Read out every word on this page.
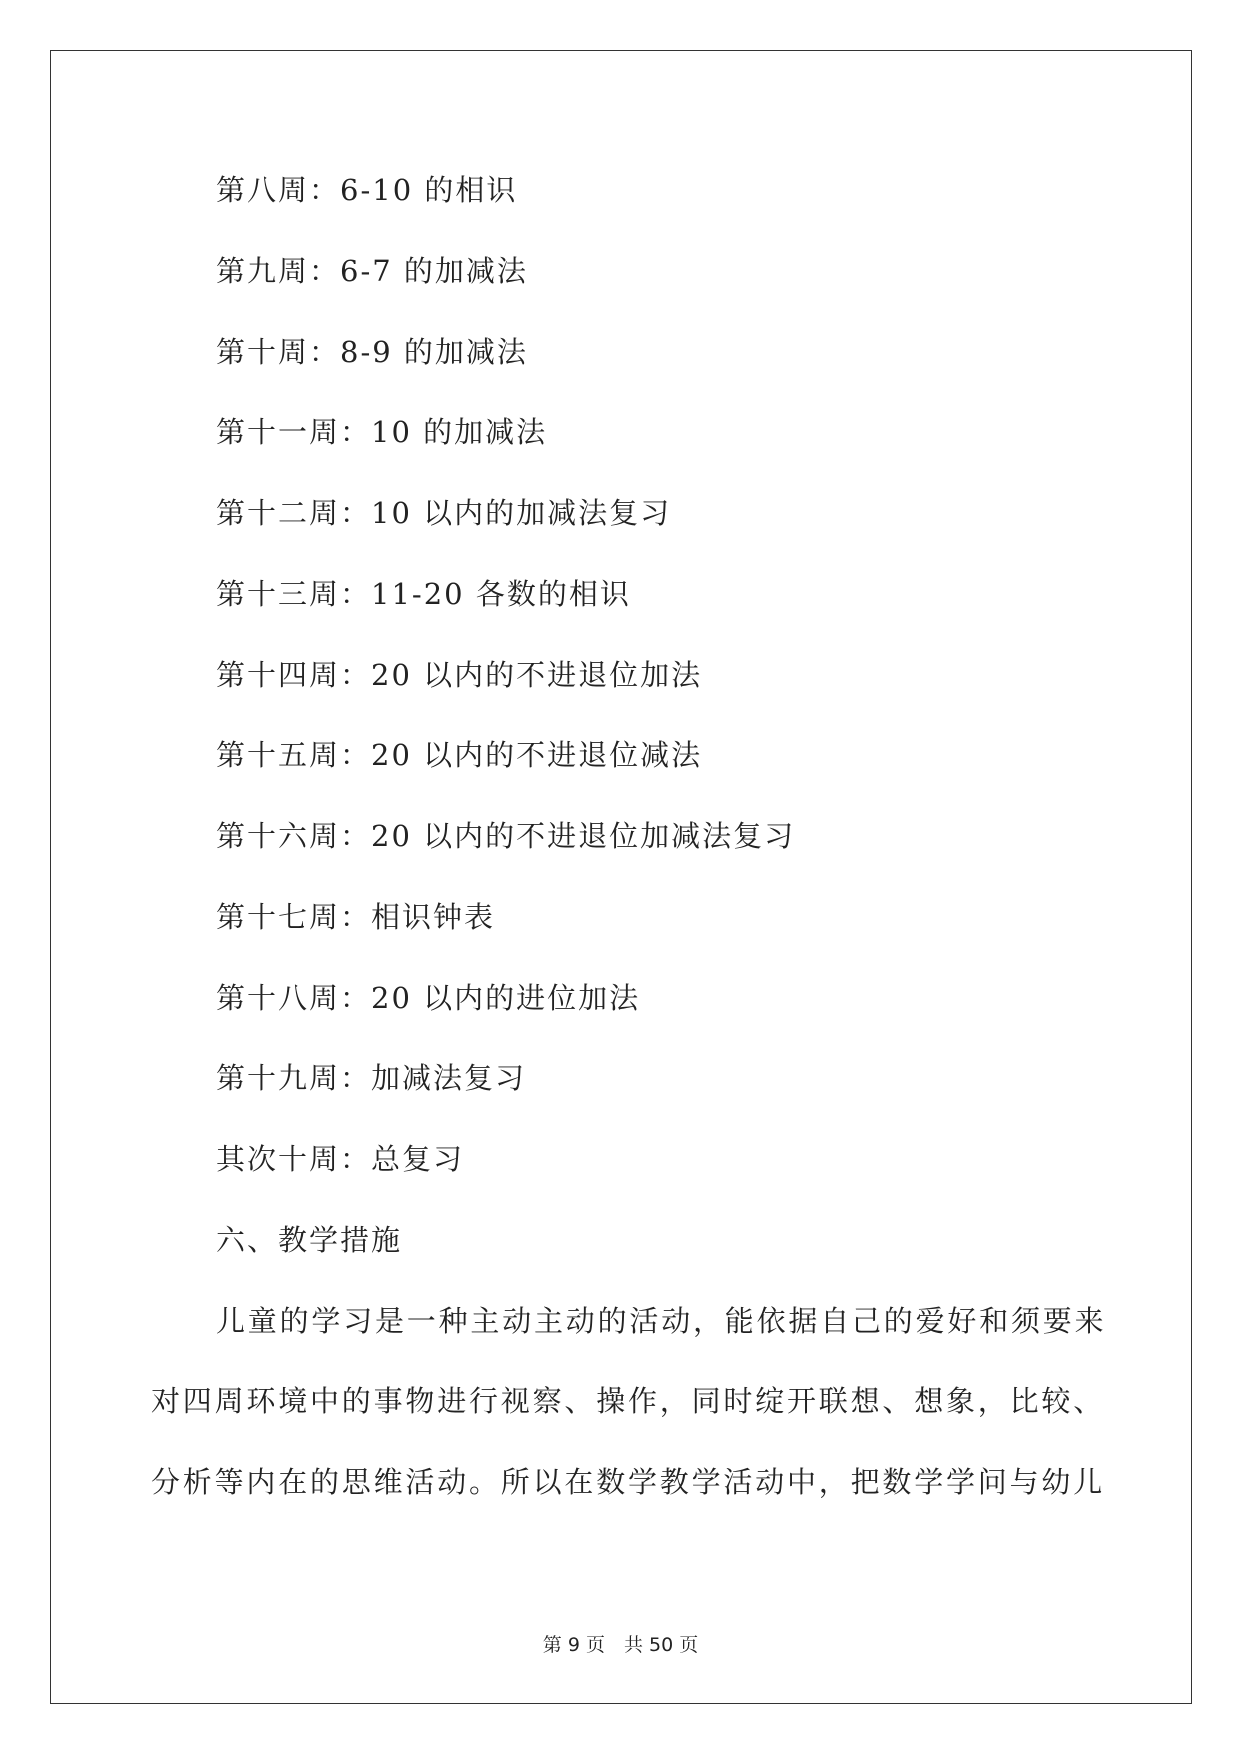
第八周：6-10 的相识
第九周：6-7 的加减法
第十周：8-9 的加减法
第十一周：10 的加减法
第十二周：10 以内的加减法复习
第十三周：11-20 各数的相识
第十四周：20 以内的不进退位加法
第十五周：20 以内的不进退位减法
第十六周：20 以内的不进退位加减法复习
第十七周：相识钟表
第十八周：20 以内的进位加法
第十九周：加减法复习
其次十周：总复习
六、教学措施
儿童的学习是一种主动主动的活动，能依据自己的爱好和须要来
对四周环境中的事物进行视察、操作，同时绽开联想、想象，比较、
分析等内在的思维活动。所以在数学教学活动中，把数学学问与幼儿
第 9 页　共 50 页
